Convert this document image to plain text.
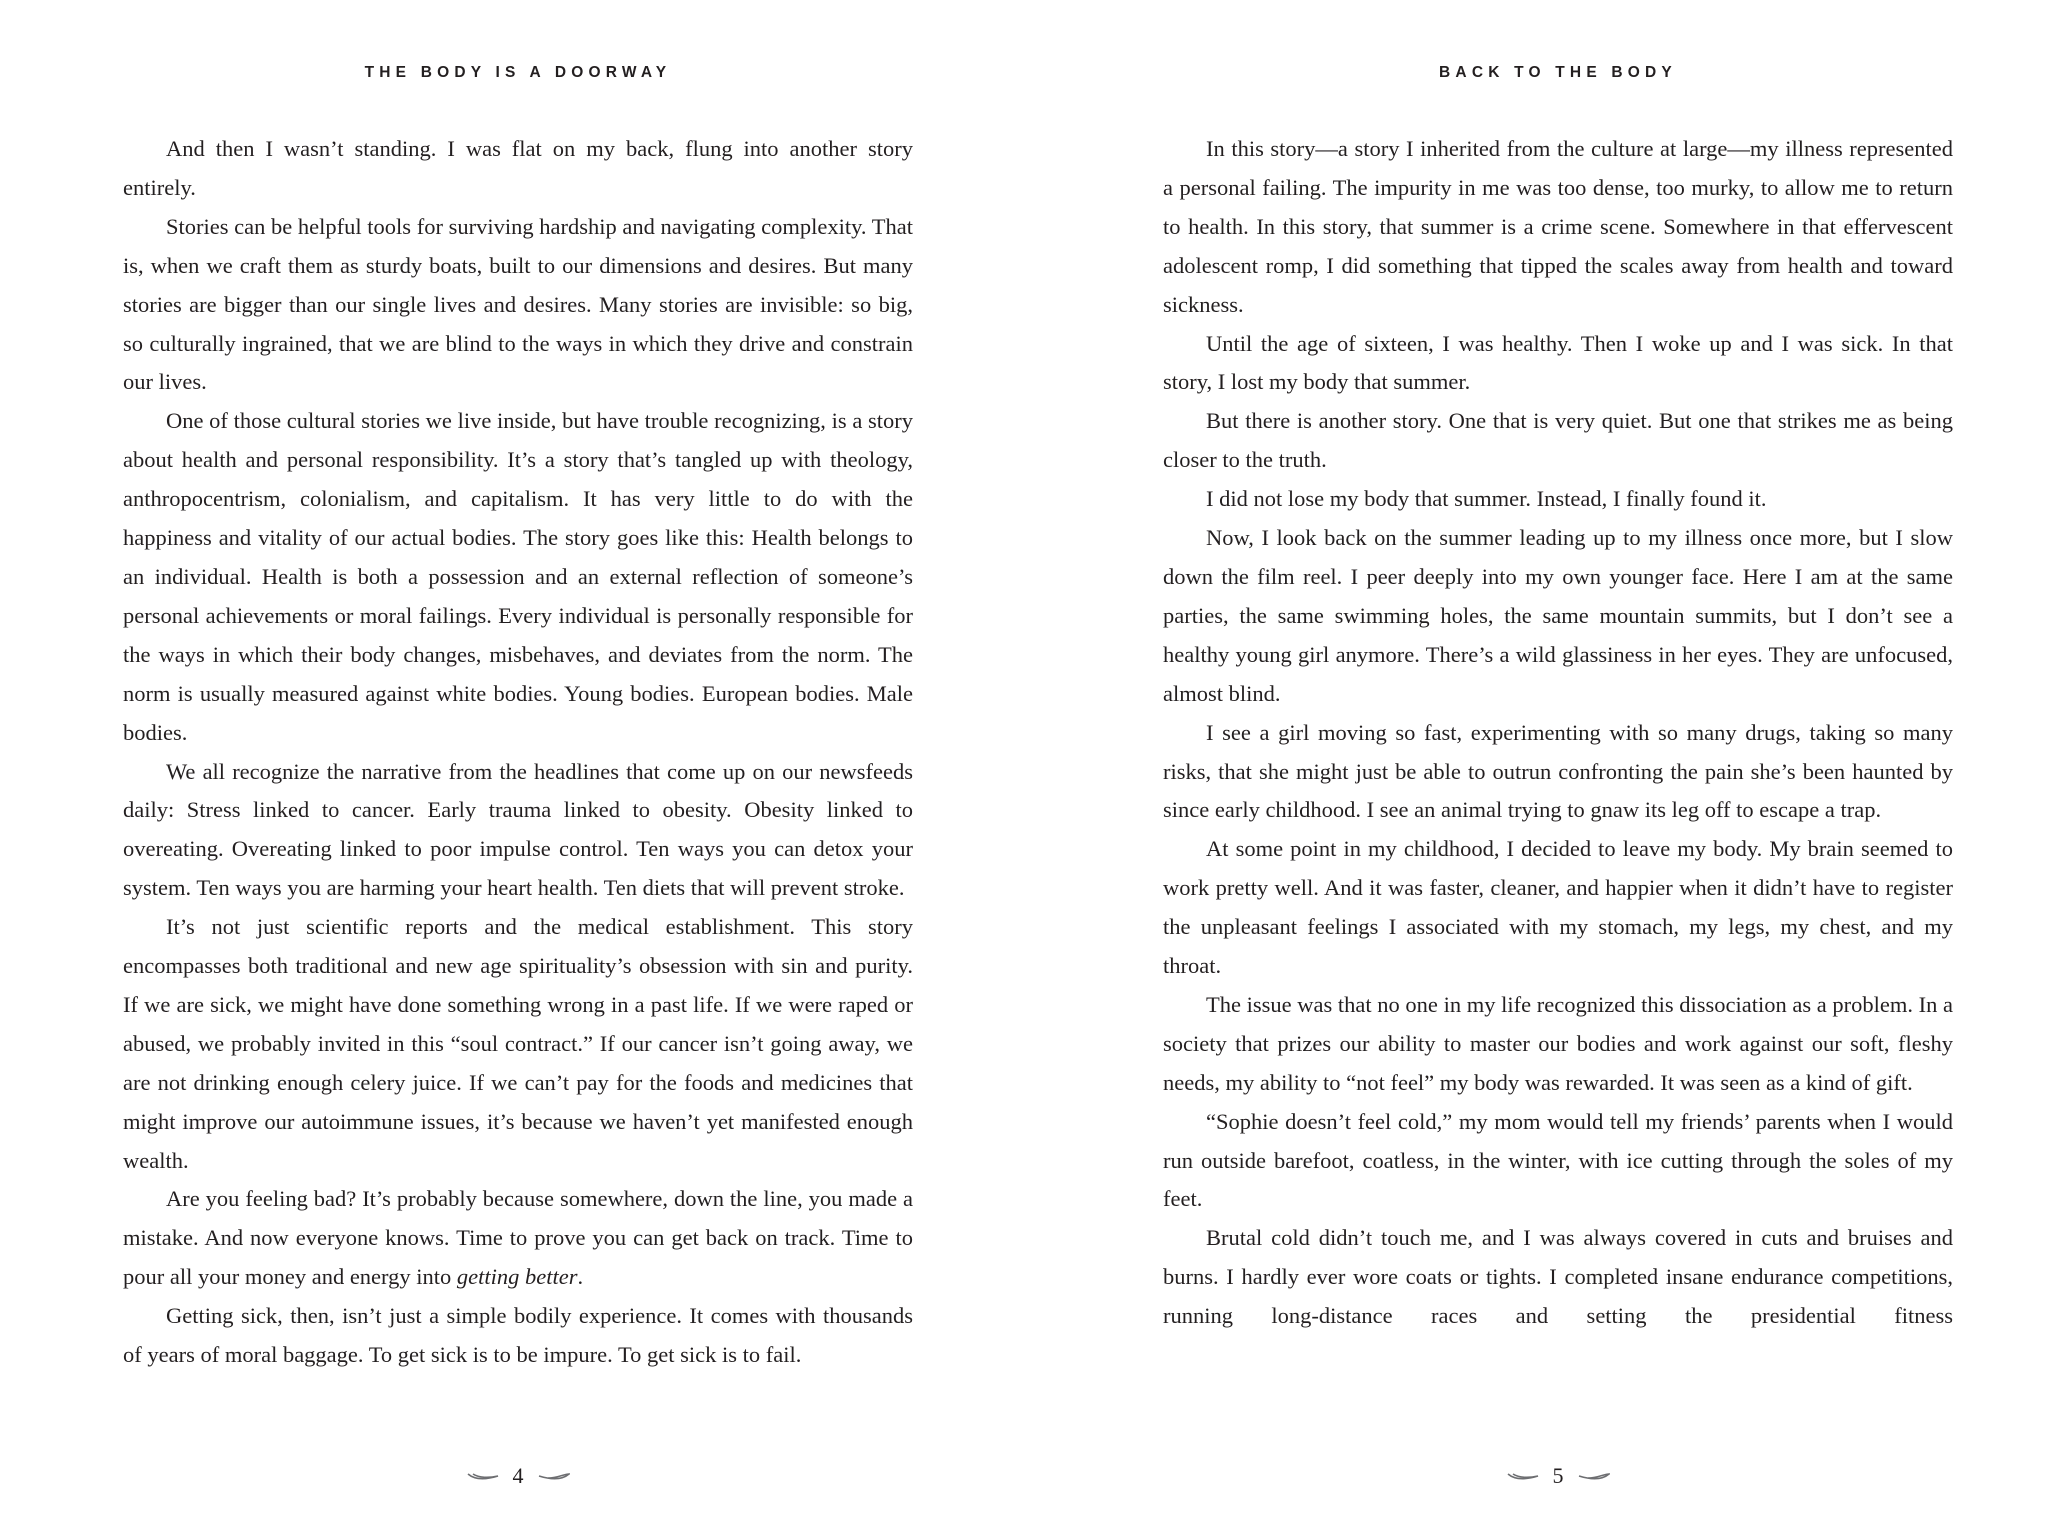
THE BODY IS A DOORWAY

And then I wasn’t standing. I was flat on my back, flung into another story entirely.

Stories can be helpful tools for surviving hardship and navigating complexity. That is, when we craft them as sturdy boats, built to our dimensions and desires. But many stories are bigger than our single lives and desires. Many stories are invisible: so big, so culturally ingrained, that we are blind to the ways in which they drive and constrain our lives.

One of those cultural stories we live inside, but have trouble recognizing, is a story about health and personal responsibility. It’s a story that’s tangled up with theology, anthropocentrism, colonialism, and capitalism. It has very little to do with the happiness and vitality of our actual bodies. The story goes like this: Health belongs to an individual. Health is both a possession and an external reflection of someone’s personal achievements or moral failings. Every individual is personally responsible for the ways in which their body changes, misbehaves, and deviates from the norm. The norm is usually measured against white bodies. Young bodies. European bodies. Male bodies.

We all recognize the narrative from the headlines that come up on our newsfeeds daily: Stress linked to cancer. Early trauma linked to obesity. Obesity linked to overeating. Overeating linked to poor impulse control. Ten ways you can detox your system. Ten ways you are harming your heart health. Ten diets that will prevent stroke.

It’s not just scientific reports and the medical establishment. This story encompasses both traditional and new age spirituality’s obsession with sin and purity. If we are sick, we might have done something wrong in a past life. If we were raped or abused, we probably invited in this “soul contract.” If our cancer isn’t going away, we are not drinking enough celery juice. If we can’t pay for the foods and medicines that might improve our autoimmune issues, it’s because we haven’t yet manifested enough wealth.

Are you feeling bad? It’s probably because somewhere, down the line, you made a mistake. And now everyone knows. Time to prove you can get back on track. Time to pour all your money and energy into getting better.

Getting sick, then, isn’t just a simple bodily experience. It comes with thousands of years of moral baggage. To get sick is to be impure. To get sick is to fail.

4
BACK TO THE BODY

In this story—a story I inherited from the culture at large—my illness represented a personal failing. The impurity in me was too dense, too murky, to allow me to return to health. In this story, that summer is a crime scene. Somewhere in that effervescent adolescent romp, I did something that tipped the scales away from health and toward sickness.

Until the age of sixteen, I was healthy. Then I woke up and I was sick. In that story, I lost my body that summer.

But there is another story. One that is very quiet. But one that strikes me as being closer to the truth.

I did not lose my body that summer. Instead, I finally found it.

Now, I look back on the summer leading up to my illness once more, but I slow down the film reel. I peer deeply into my own younger face. Here I am at the same parties, the same swimming holes, the same mountain summits, but I don’t see a healthy young girl anymore. There’s a wild glassiness in her eyes. They are unfocused, almost blind.

I see a girl moving so fast, experimenting with so many drugs, taking so many risks, that she might just be able to outrun confronting the pain she’s been haunted by since early childhood. I see an animal trying to gnaw its leg off to escape a trap.

At some point in my childhood, I decided to leave my body. My brain seemed to work pretty well. And it was faster, cleaner, and happier when it didn’t have to register the unpleasant feelings I associated with my stomach, my legs, my chest, and my throat.

The issue was that no one in my life recognized this dissociation as a problem. In a society that prizes our ability to master our bodies and work against our soft, fleshy needs, my ability to “not feel” my body was rewarded. It was seen as a kind of gift.

“Sophie doesn’t feel cold,” my mom would tell my friends’ parents when I would run outside barefoot, coatless, in the winter, with ice cutting through the soles of my feet.

Brutal cold didn’t touch me, and I was always covered in cuts and bruises and burns. I hardly ever wore coats or tights. I completed insane endurance competitions, running long-distance races and setting the presidential fitness

5
